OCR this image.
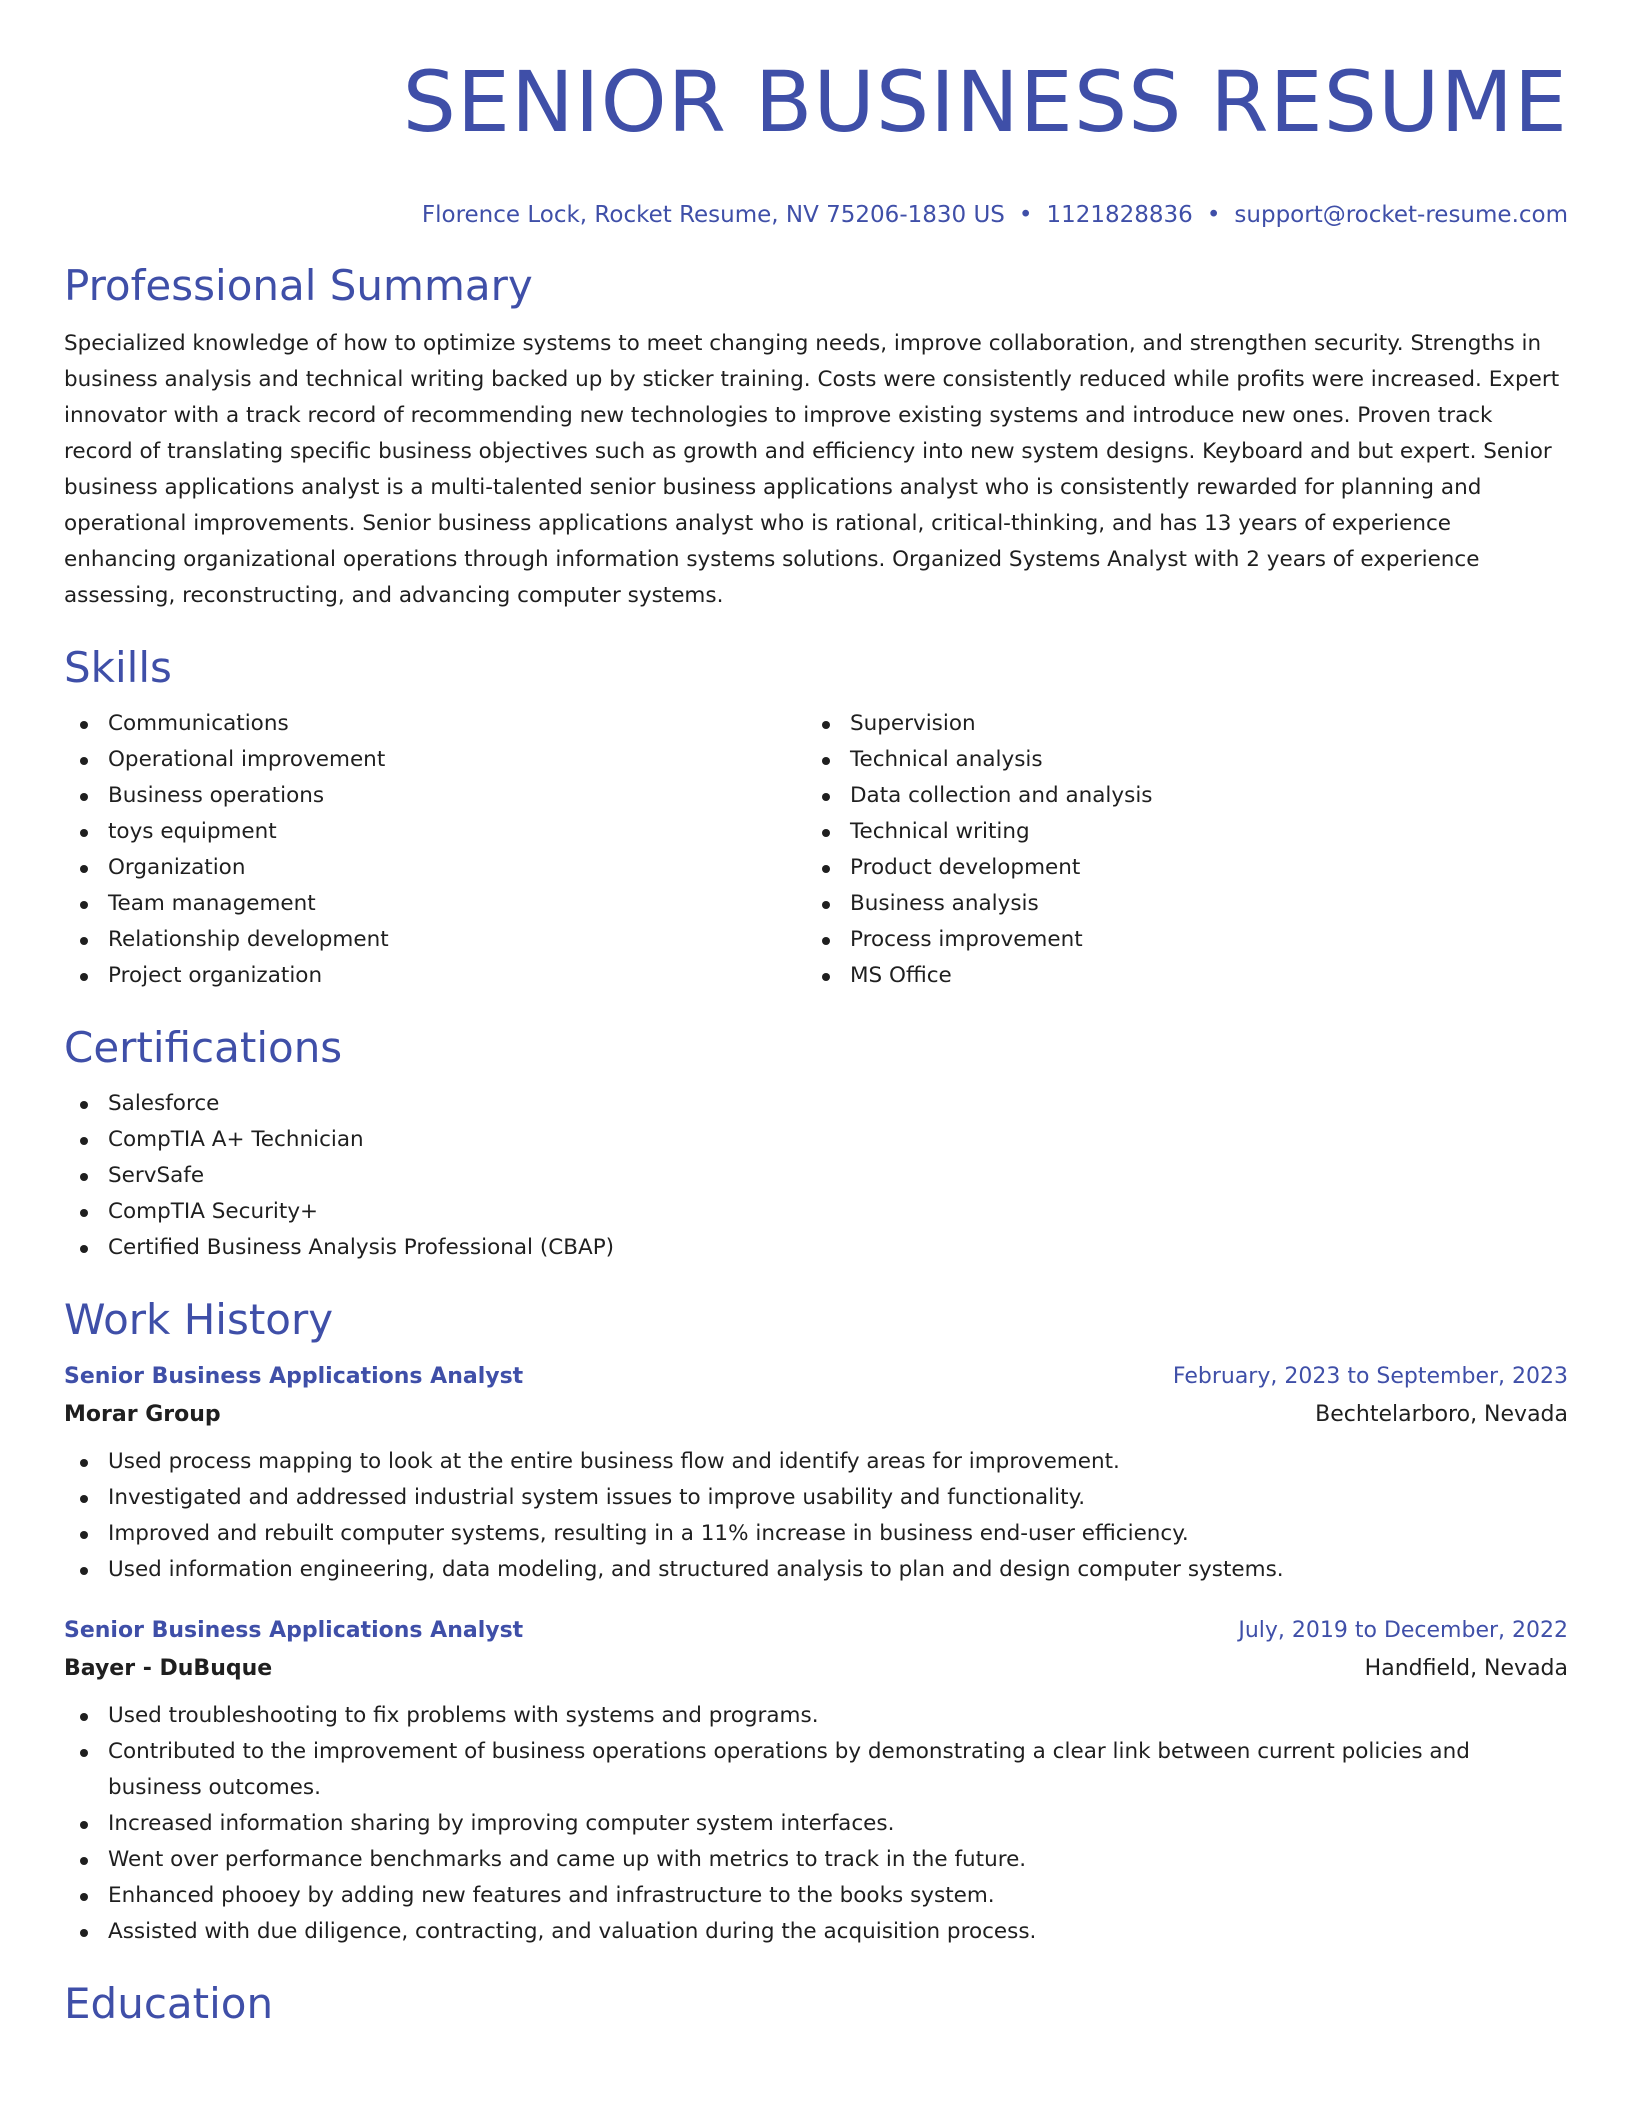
SENIOR BUSINESS RESUME
Florence Lock, Rocket Resume, NV 75206-1830 US • 1121828836 • support@rocket-resume.com
Professional Summary

Specialized knowledge of how to optimize systems to meet changing needs, improve collaboration, and strengthen security. Strengths in business analysis and technical writing backed up by sticker training. Costs were consistently reduced while profits were increased. Expert innovator with a track record of recommending new technologies to improve existing systems and introduce new ones. Proven track record of translating specific business objectives such as growth and efficiency into new system designs. Keyboard and but expert. Senior business applications analyst is a multi-talented senior business applications analyst who is consistently rewarded for planning and operational improvements. Senior business applications analyst who is rational, critical-thinking, and has 13 years of experience enhancing organizational operations through information systems solutions. Organized Systems Analyst with 2 years of experience assessing, reconstructing, and advancing computer systems.

Skills
Communications
Operational improvement
Business operations
toys equipment
Organization
Team management
Relationship development
Project organization
Supervision
Technical analysis
Data collection and analysis
Technical writing
Product development
Business analysis
Process improvement
MS Office
Certifications
Salesforce
CompTIA A+ Technician
ServSafe
CompTIA Security+
Certified Business Analysis Professional (CBAP)
Work History
Senior Business Applications Analyst	February, 2023 to September, 2023
Morar Group	Bechtelarboro, Nevada
Used process mapping to look at the entire business flow and identify areas for improvement.
Investigated and addressed industrial system issues to improve usability and functionality.
Improved and rebuilt computer systems, resulting in a 11% increase in business end-user efficiency.
Used information engineering, data modeling, and structured analysis to plan and design computer systems.
Senior Business Applications Analyst	July, 2019 to December, 2022
Bayer - DuBuque	Handfield, Nevada
Used troubleshooting to fix problems with systems and programs.
Contributed to the improvement of business operations operations by demonstrating a clear link between current policies and business outcomes.
Increased information sharing by improving computer system interfaces.
Went over performance benchmarks and came up with metrics to track in the future.
Enhanced phooey by adding new features and infrastructure to the books system.
Assisted with due diligence, contracting, and valuation during the acquisition process.
Education
